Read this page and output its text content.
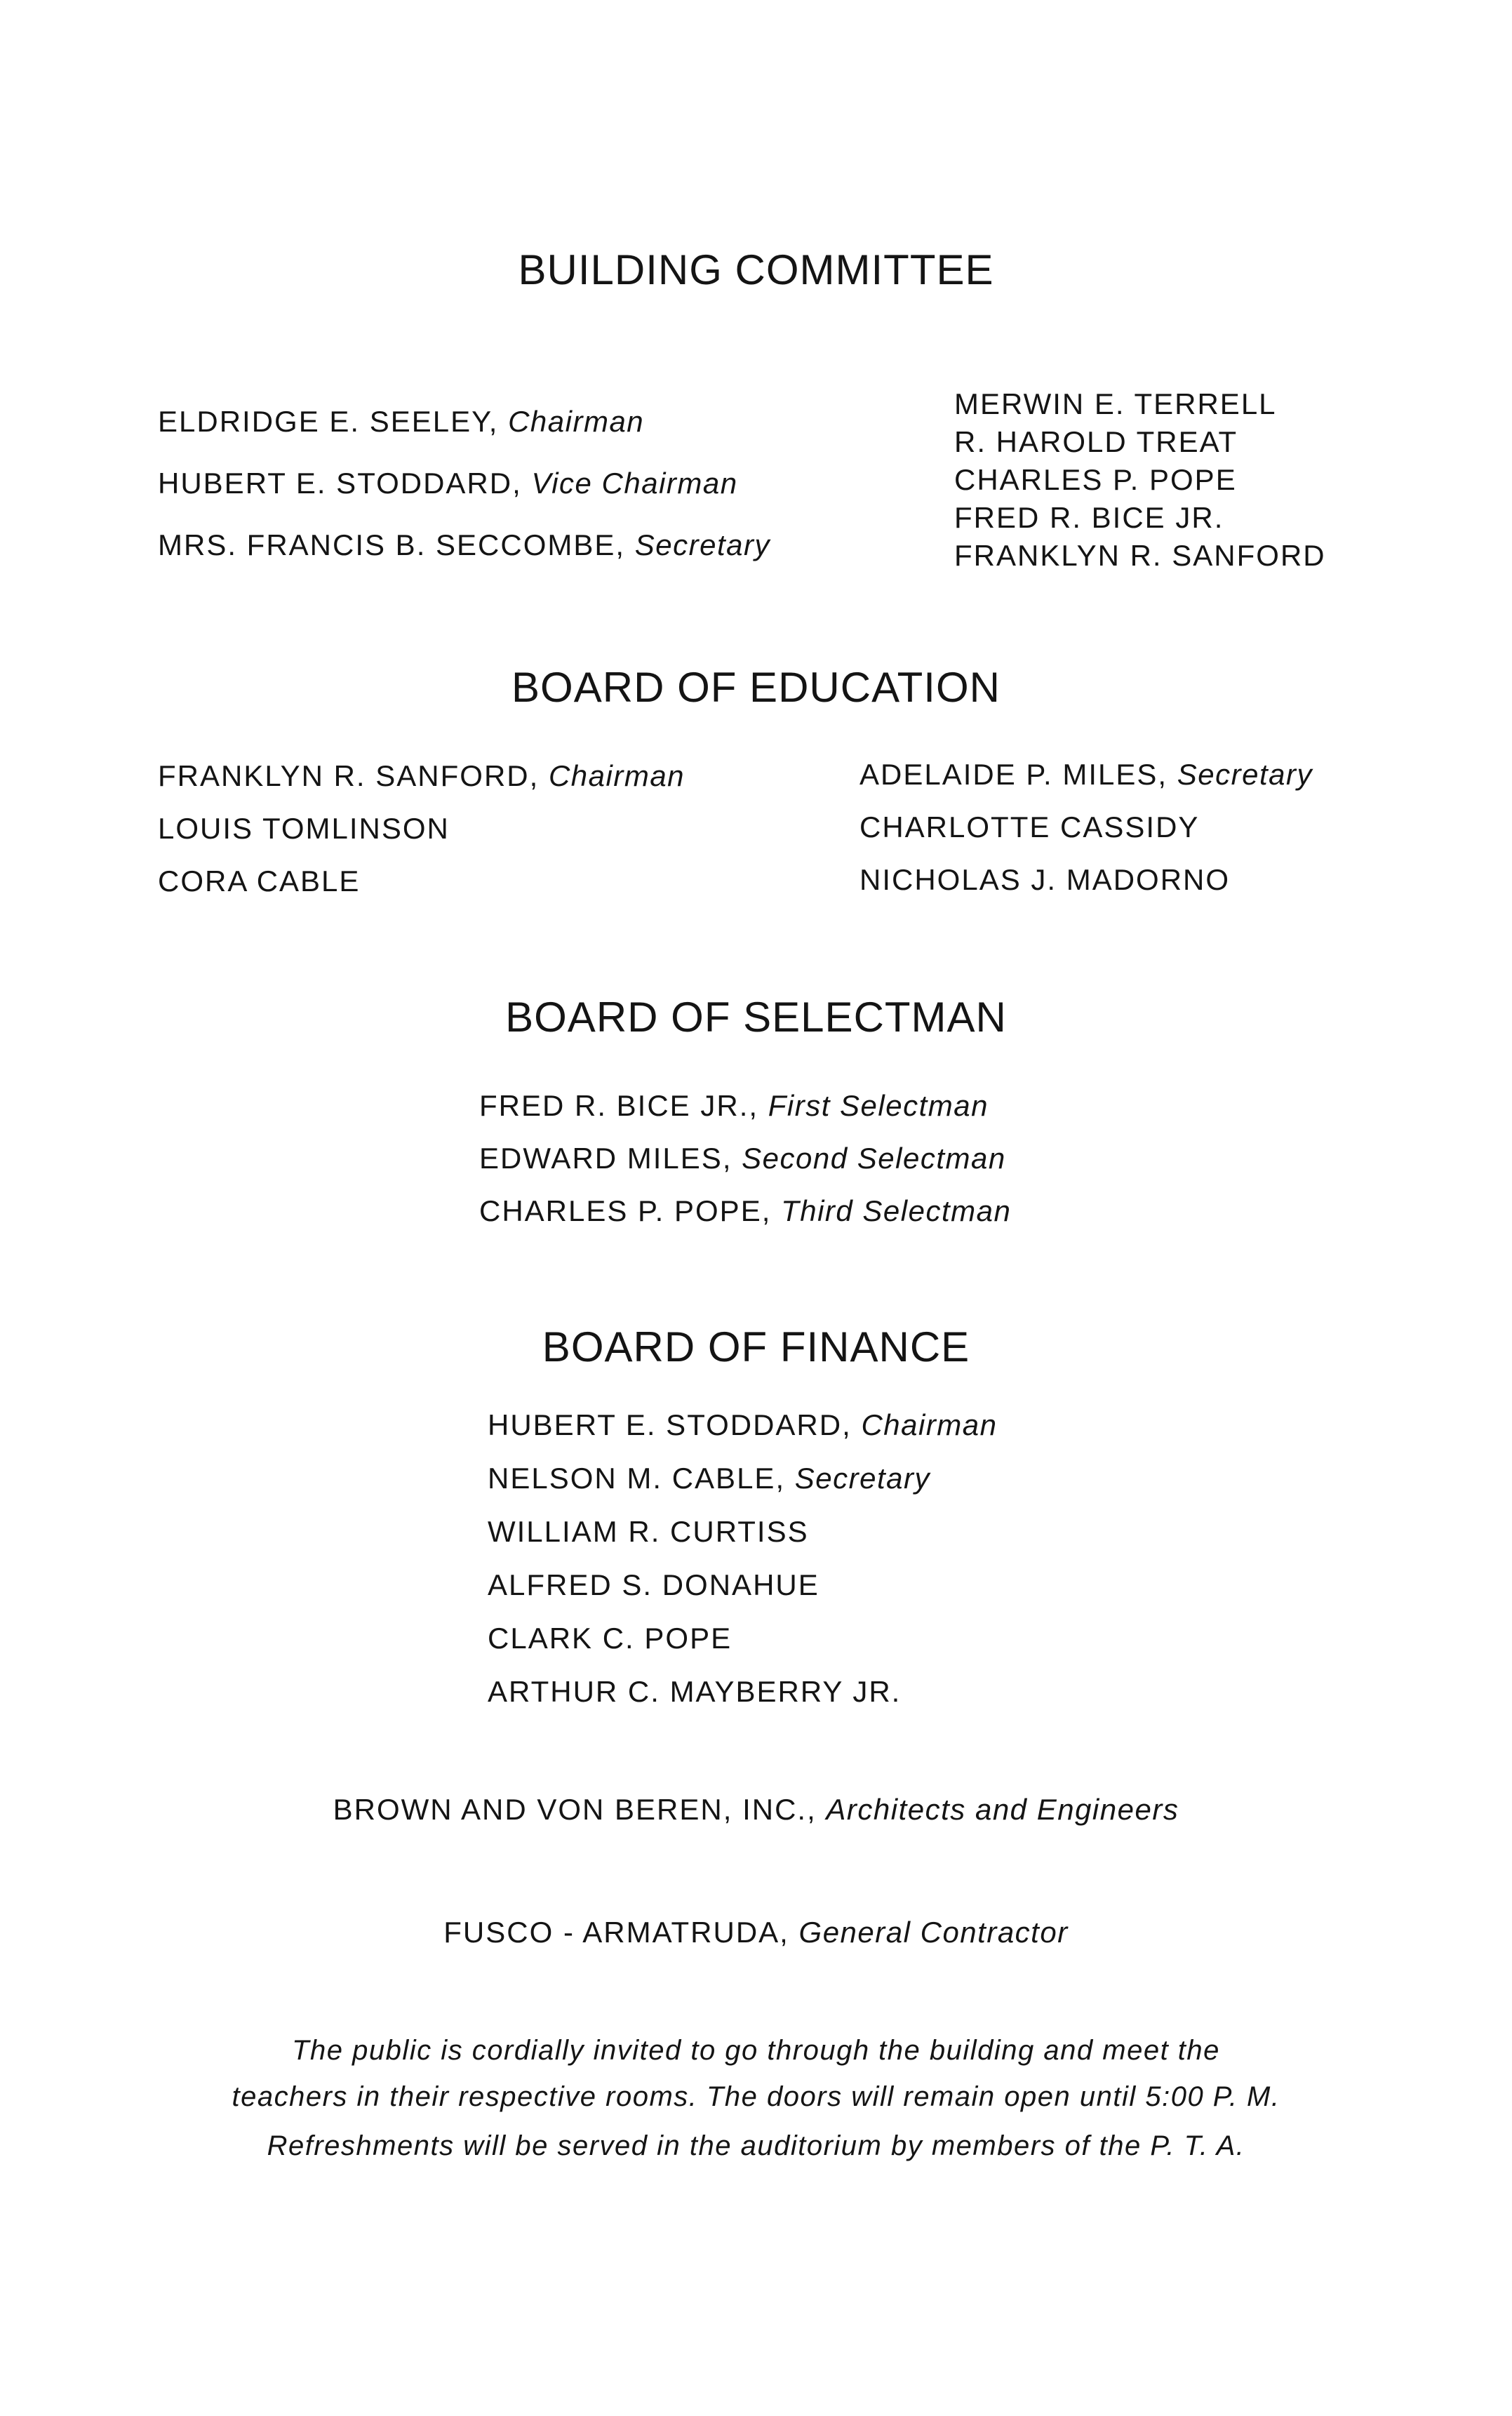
BUILDING COMMITTEE
ELDRIDGE E. SEELEY, Chairman
HUBERT E. STODDARD, Vice Chairman
MRS. FRANCIS B. SECCOMBE, Secretary
MERWIN E. TERRELL
R. HAROLD TREAT
CHARLES P. POPE
FRED R. BICE JR.
FRANKLYN R. SANFORD
BOARD OF EDUCATION
FRANKLYN R. SANFORD, Chairman
LOUIS TOMLINSON
CORA CABLE
ADELAIDE P. MILES, Secretary
CHARLOTTE CASSIDY
NICHOLAS J. MADORNO
BOARD OF SELECTMAN
FRED R. BICE JR., First Selectman
EDWARD MILES, Second Selectman
CHARLES P. POPE, Third Selectman
BOARD OF FINANCE
HUBERT E. STODDARD, Chairman
NELSON M. CABLE, Secretary
WILLIAM R. CURTISS
ALFRED S. DONAHUE
CLARK C. POPE
ARTHUR C. MAYBERRY JR.
BROWN AND VON BEREN, INC., Architects and Engineers
FUSCO - ARMATRUDA, General Contractor
The public is cordially invited to go through the building and meet the
teachers in their respective rooms. The doors will remain open until 5:00 P. M.
Refreshments will be served in the auditorium by members of the P. T. A.
